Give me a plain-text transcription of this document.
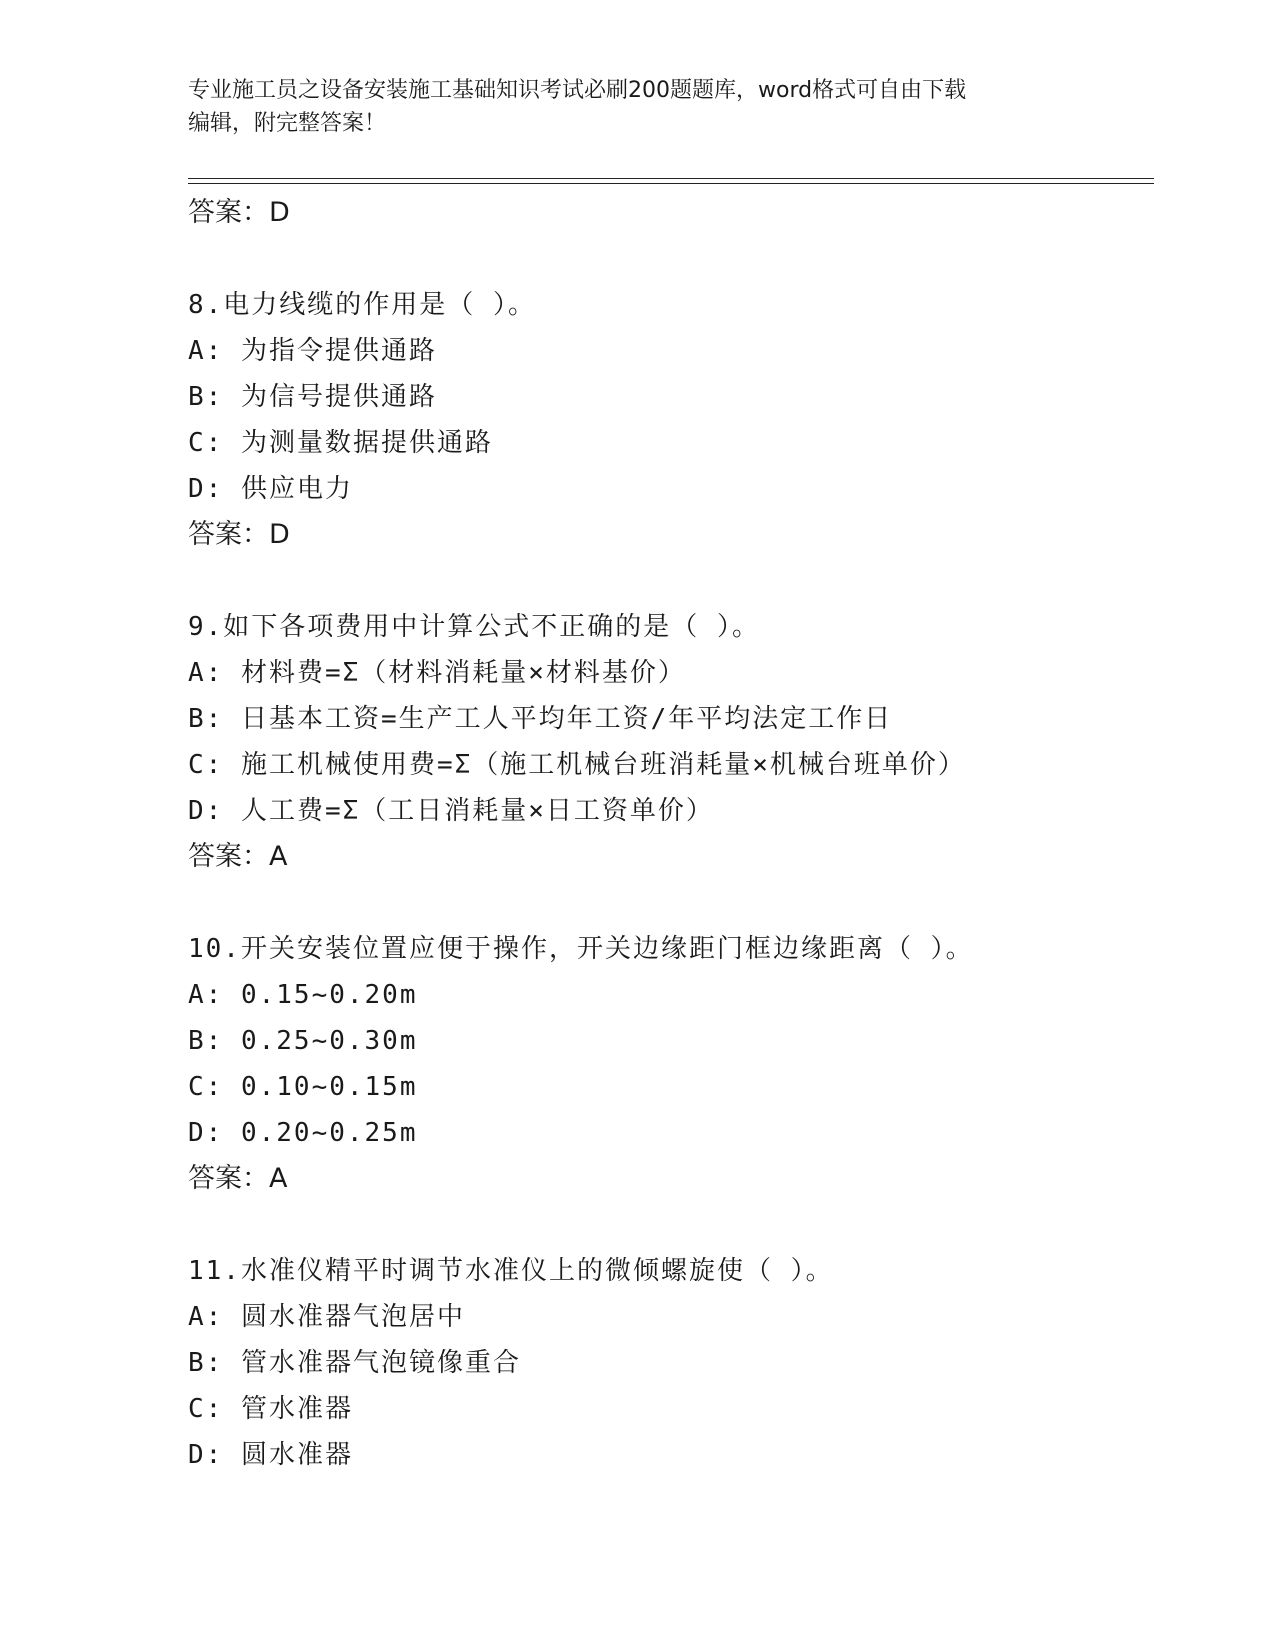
专业施工员之设备安装施工基础知识考试必刷200题题库，word格式可自由下载
编辑，附完整答案！
答案：D
8.电力线缆的作用是（ ）。
A: 为指令提供通路
B: 为信号提供通路
C: 为测量数据提供通路
D: 供应电力
答案：D
9.如下各项费用中计算公式不正确的是（ ）。
A: 材料费=Σ（材料消耗量×材料基价）
B: 日基本工资=生产工人平均年工资/年平均法定工作日
C: 施工机械使用费=Σ（施工机械台班消耗量×机械台班单价）
D: 人工费=Σ（工日消耗量×日工资单价）
答案：A
10.开关安装位置应便于操作，开关边缘距门框边缘距离（ ）。
A: 0.15~0.20m
B: 0.25~0.30m
C: 0.10~0.15m
D: 0.20~0.25m
答案：A
11.水准仪精平时调节水准仪上的微倾螺旋使（ ）。
A: 圆水准器气泡居中
B: 管水准器气泡镜像重合
C: 管水准器
D: 圆水准器
